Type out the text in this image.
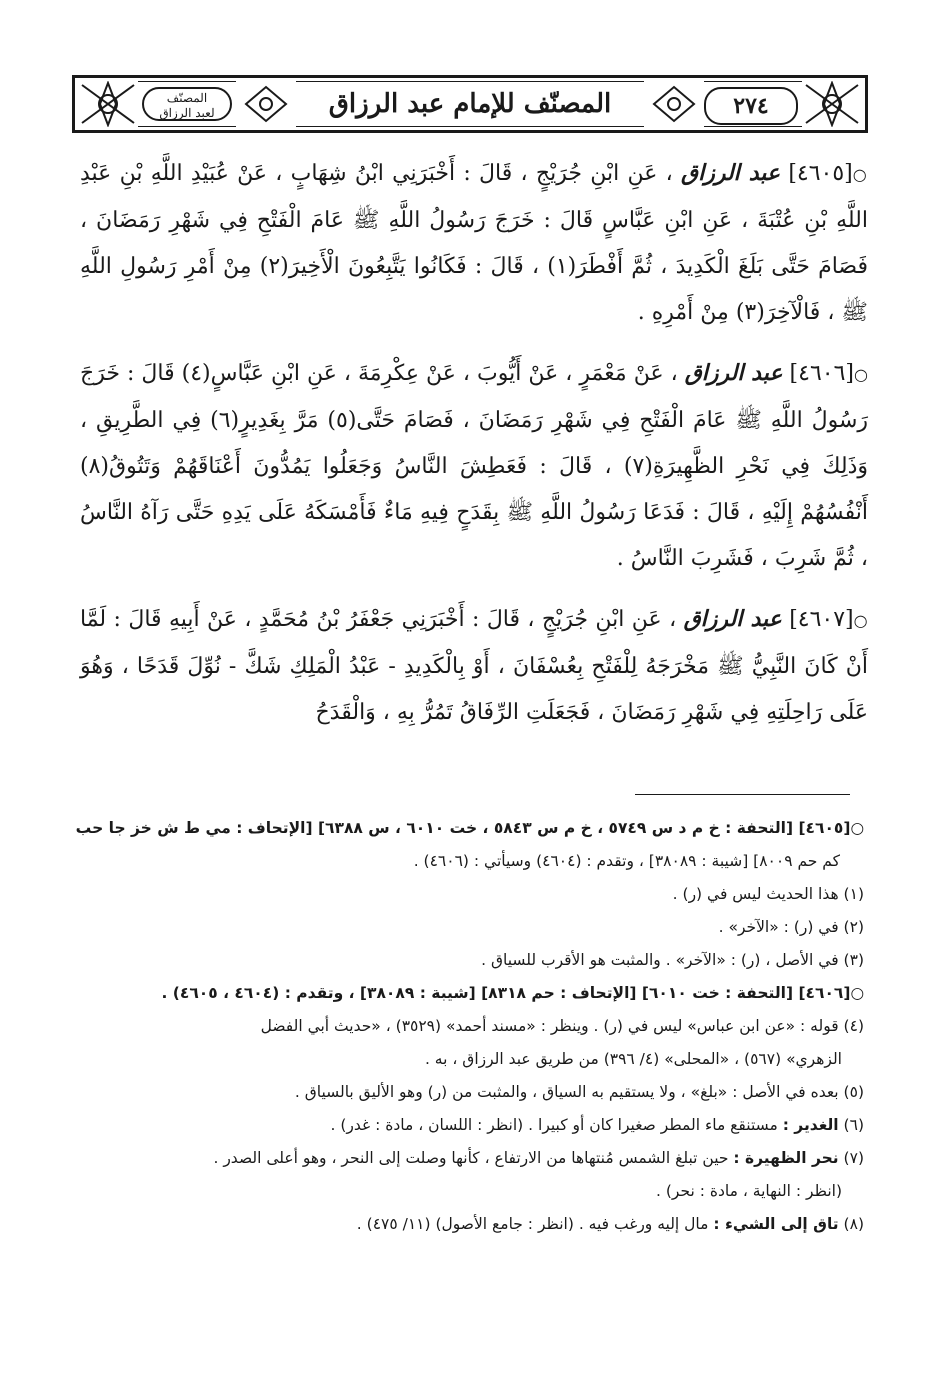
٢٧٤
المصنّف للإمام عبد الرزاق
المصنّف
لعبد الرزاق

○[٤٦٠٥] عبد الرزاق ، عَنِ ابْنِ جُرَيْجٍ ، قَالَ : أَخْبَرَنِي ابْنُ شِهَابٍ ، عَنْ عُبَيْدِ اللَّهِ بْنِ عَبْدِ اللَّهِ بْنِ عُتْبَةَ ، عَنِ ابْنِ عَبَّاسٍ قَالَ : خَرَجَ رَسُولُ اللَّهِ ﷺ عَامَ الْفَتْحِ فِي شَهْرِ رَمَضَانَ ، فَصَامَ حَتَّى بَلَغَ الْكَدِيدَ ، ثُمَّ أَفْطَرَ(١) ، قَالَ : فَكَانُوا يَتَّبِعُونَ الْأَخِيرَ(٢) مِنْ أَمْرِ رَسُولِ اللَّهِ ﷺ ، فَالْآخِرَ(٣) مِنْ أَمْرِهِ .

○[٤٦٠٦] عبد الرزاق ، عَنْ مَعْمَرٍ ، عَنْ أَيُّوبَ ، عَنْ عِكْرِمَةَ ، عَنِ ابْنِ عَبَّاسٍ(٤) قَالَ : خَرَجَ رَسُولُ اللَّهِ ﷺ عَامَ الْفَتْحِ فِي شَهْرِ رَمَضَانَ ، فَصَامَ حَتَّى(٥) مَرَّ بِغَدِيرٍ(٦) فِي الطَّرِيقِ ، وَذَلِكَ فِي نَحْرِ الظَّهِيرَةِ(٧) ، قَالَ : فَعَطِشَ النَّاسُ وَجَعَلُوا يَمُدُّونَ أَعْنَاقَهُمْ وَتَتُوقُ(٨) أَنْفُسُهُمْ إِلَيْهِ ، قَالَ : فَدَعَا رَسُولُ اللَّهِ ﷺ بِقَدَحٍ فِيهِ مَاءٌ فَأَمْسَكَهُ عَلَى يَدِهِ حَتَّى رَآهُ النَّاسُ ، ثُمَّ شَرِبَ ، فَشَرِبَ النَّاسُ .

○[٤٦٠٧] عبد الرزاق ، عَنِ ابْنِ جُرَيْجٍ ، قَالَ : أَخْبَرَنِي جَعْفَرُ بْنُ مُحَمَّدٍ ، عَنْ أَبِيهِ قَالَ : لَمَّا أَنْ كَانَ النَّبِيُّ ﷺ مَخْرَجَهُ لِلْفَتْحِ بِعُسْفَانَ ، أَوْ بِالْكَدِيدِ - عَبْدُ الْمَلِكِ شَكَّ - نُوِّلَ قَدَحًا ، وَهُوَ عَلَى رَاحِلَتِهِ فِي شَهْرِ رَمَضَانَ ، فَجَعَلَتِ الرِّفَاقُ تَمُرُّ بِهِ ، وَالْقَدَحُ

○[٤٦٠٥] [التحفة : خ م د س ٥٧٤٩ ، خ م س ٥٨٤٣ ، خت ٦٠١٠ ، س ٦٣٨٨] [الإتحاف : مي ط ش خز جا حب

كم حم ٨٠٠٩] [شيبة : ٣٨٠٨٩] ، وتقدم : (٤٦٠٤) وسيأتي : (٤٦٠٦) .

(١) هذا الحديث ليس في (ر) .

(٢) في (ر) : «الآخر» .

(٣) في الأصل ، (ر) : «الآخر» . والمثبت هو الأقرب للسياق .

○[٤٦٠٦] [التحفة : خت ٦٠١٠] [الإتحاف : حم ٨٣١٨] [شيبة : ٣٨٠٨٩] ، وتقدم : (٤٦٠٤ ، ٤٦٠٥) .

(٤) قوله : «عن ابن عباس» ليس في (ر) . وينظر : «مسند أحمد» (٣٥٢٩) ، «حديث أبي الفضل

الزهري» (٥٦٧) ، «المحلى» (٤/ ٣٩٦) من طريق عبد الرزاق ، به .

(٥) بعده في الأصل : «بلغ» ، ولا يستقيم به السياق ، والمثبت من (ر) وهو الأليق بالسياق .

(٦) الغدير : مستنقع ماء المطر صغيرا كان أو كبيرا . (انظر : اللسان ، مادة : غدر) .

(٧) نحر الظهيرة : حين تبلغ الشمس مُنتهاها من الارتفاع ، كأنها وصلت إلى النحر ، وهو أعلى الصدر .

(انظر : النهاية ، مادة : نحر) .

(٨) تاق إلى الشيء : مال إليه ورغب فيه . (انظر : جامع الأصول) (١١/ ٤٧٥) .
